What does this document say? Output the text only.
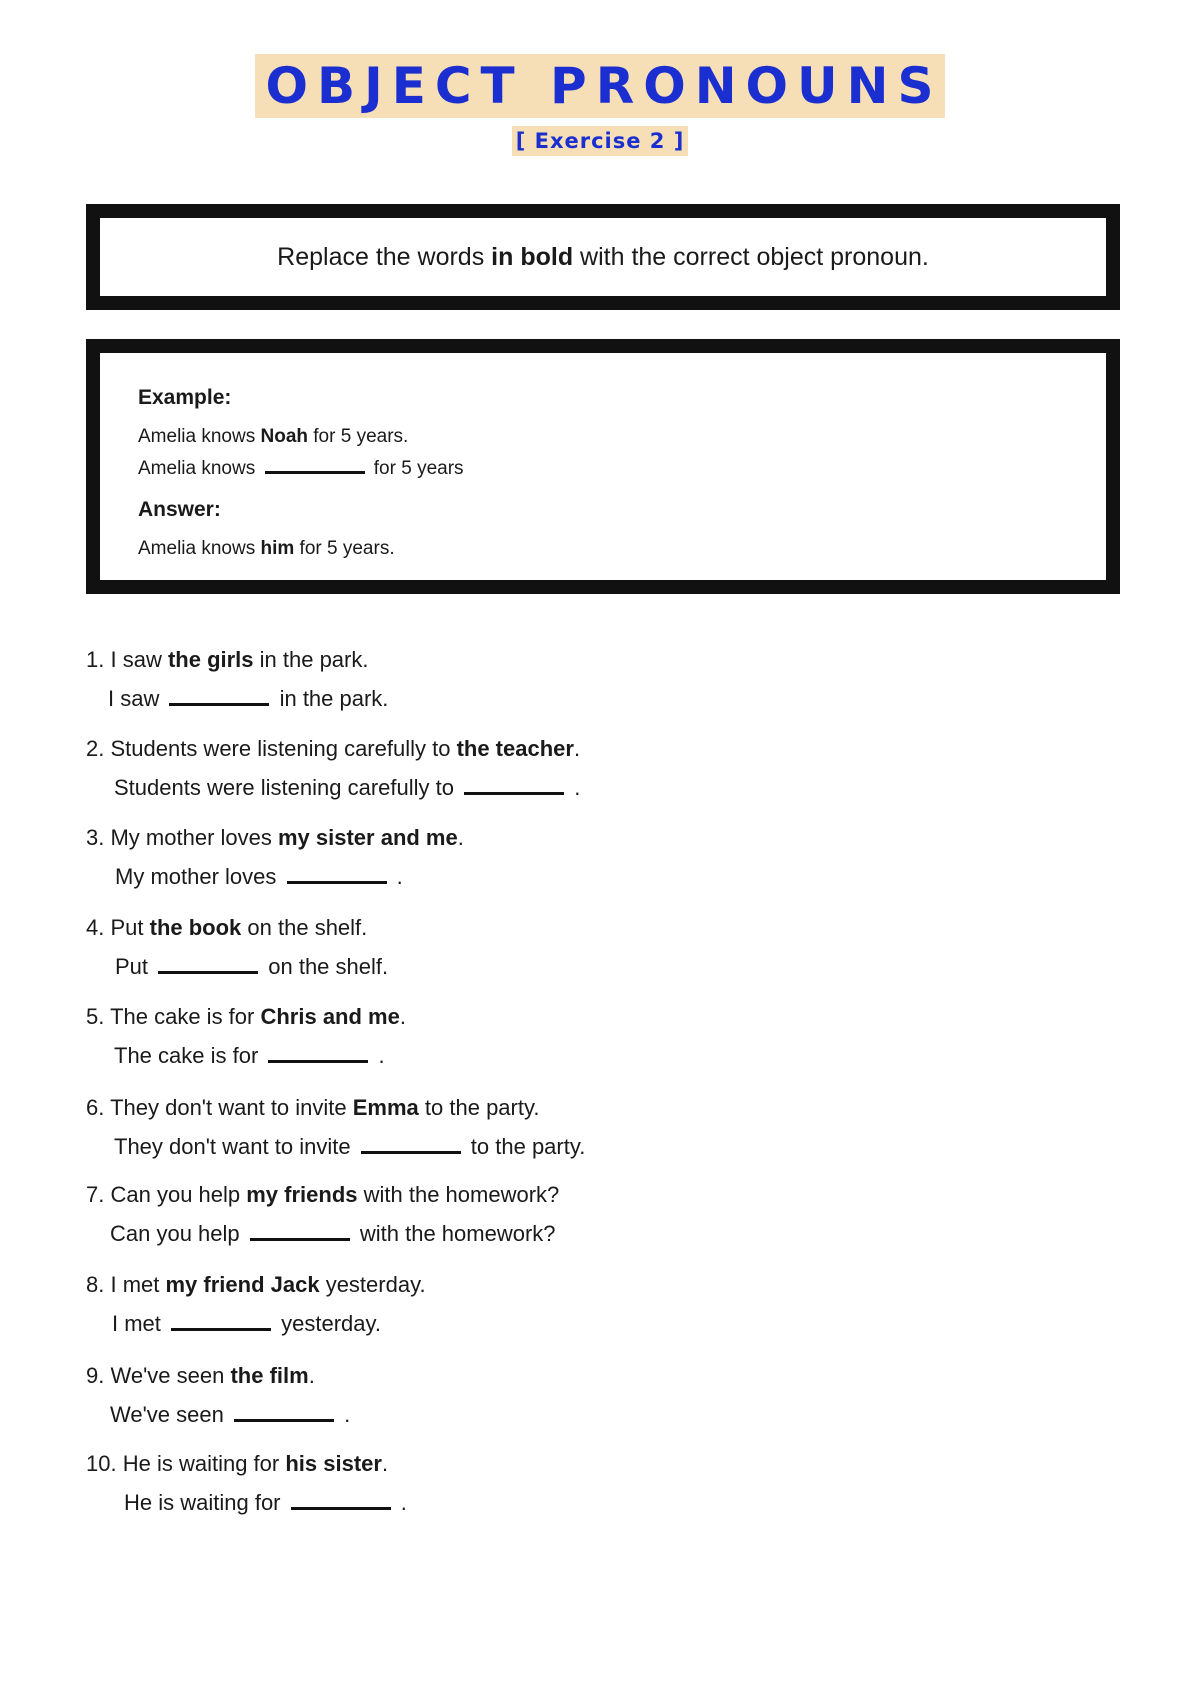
OBJECT PRONOUNS
[ Exercise 2 ]
Replace the words in bold with the correct object pronoun.
Example:
Amelia knows Noah for 5 years.
Amelia knows	for 5 years
Answer:
Amelia knows him for 5 years.
1. I saw the girls in the park.
I saw	in the park.
2. Students were listening carefully to the teacher.
Students were listening carefully to	.
3. My mother loves my sister and me.
My mother loves	.
4. Put the book on the shelf.
Put	on the shelf.
5. The cake is for Chris and me.
The cake is for	.
6. They don't want to invite Emma to the party.
They don't want to invite	to the party.
7. Can you help my friends with the homework?
Can you help	with the homework?
8. I met my friend Jack yesterday.
I met	yesterday.
9. We've seen the film.
We've seen	.
10. He is waiting for his sister.
He is waiting for	.
